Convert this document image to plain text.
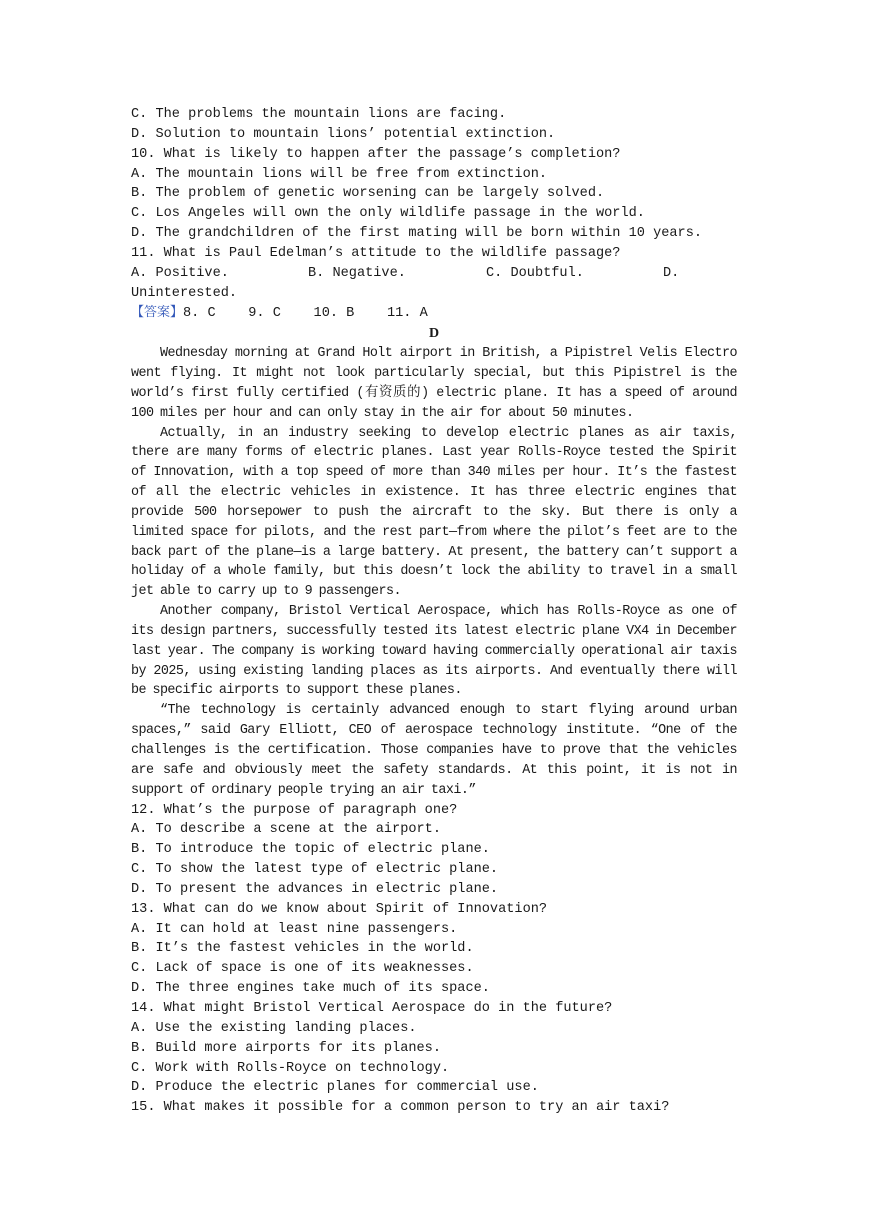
C. The problems the mountain lions are facing.
D. Solution to mountain lions’ potential extinction.
10. What is likely to happen after the passage’s completion?
A. The mountain lions will be free from extinction.
B. The problem of genetic worsening can be largely solved.
C. Los Angeles will own the only wildlife passage in the world.
D. The grandchildren of the first mating will be born within 10 years.
11. What is Paul Edelman’s attitude to the wildlife passage?
A. Positive.	B. Negative.	C. Doubtful.	D.
Uninterested.
【答案】8. C    9. C    10. B    11. A
D

Wednesday morning at Grand Holt airport in British, a Pipistrel Velis Electro went flying. It might not look particularly special, but this Pipistrel is the world’s first fully certified (有资质的) electric plane. It has a speed of around 100 miles per hour and can only stay in the air for about 50 minutes.

Actually, in an industry seeking to develop electric planes as air taxis, there are many forms of electric planes. Last year Rolls-Royce tested the Spirit of Innovation, with a top speed of more than 340 miles per hour. It’s the fastest of all the electric vehicles in existence. It has three electric engines that provide 500 horsepower to push the aircraft to the sky. But there is only a limited space for pilots, and the rest part—from where the pilot’s feet are to the back part of the plane—is a large battery. At present, the battery can’t support a holiday of a whole family, but this doesn’t lock the ability to travel in a small jet able to carry up to 9 passengers.

Another company, Bristol Vertical Aerospace, which has Rolls-Royce as one of its design partners, successfully tested its latest electric plane VX4 in December last year. The company is working toward having commercially operational air taxis by 2025, using existing landing places as its airports. And eventually there will be specific airports to support these planes.

“The technology is certainly advanced enough to start flying around urban spaces,” said Gary Elliott, CEO of aerospace technology institute. “One of the challenges is the certification. Those companies have to prove that the vehicles are safe and obviously meet the safety standards. At this point, it is not in support of ordinary people trying an air taxi.”

12. What’s the purpose of paragraph one?
A. To describe a scene at the airport.
B. To introduce the topic of electric plane.
C. To show the latest type of electric plane.
D. To present the advances in electric plane.
13. What can do we know about Spirit of Innovation?
A. It can hold at least nine passengers.
B. It’s the fastest vehicles in the world.
C. Lack of space is one of its weaknesses.
D. The three engines take much of its space.
14. What might Bristol Vertical Aerospace do in the future?
A. Use the existing landing places.
B. Build more airports for its planes.
C. Work with Rolls-Royce on technology.
D. Produce the electric planes for commercial use.
15. What makes it possible for a common person to try an air taxi?
